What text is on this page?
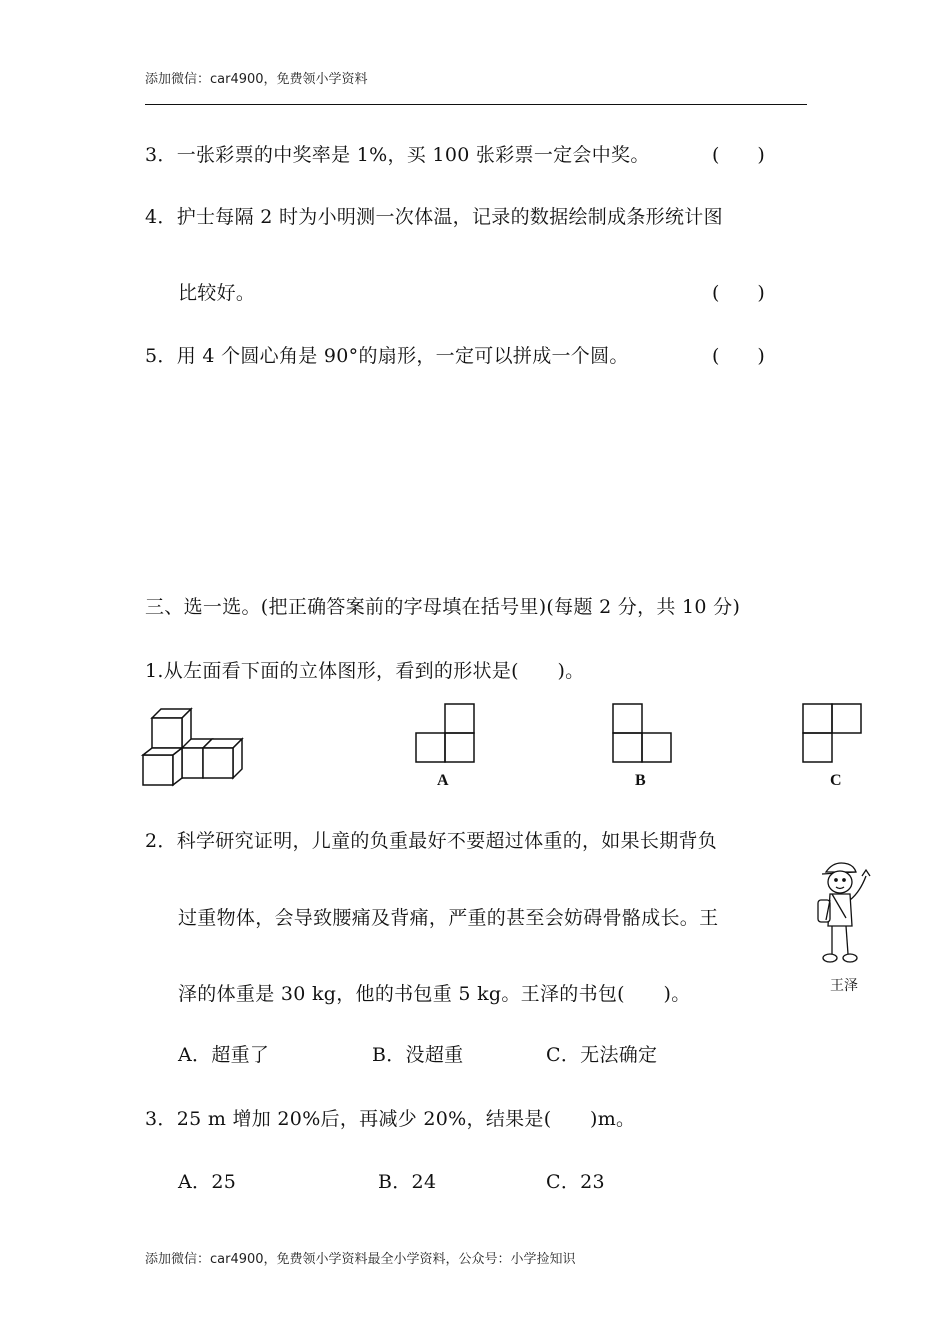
添加微信：car4900，免费领小学资料
3．一张彩票的中奖率是 1%，买 100 张彩票一定会中奖。	(　　)
4．护士每隔 2 时为小明测一次体温，记录的数据绘制成条形统计图
比较好。	(　　)
5．用 4 个圆心角是 90°的扇形，一定可以拼成一个圆。	(　　)
三、选一选。(把正确答案前的字母填在括号里)(每题 2 分，共 10 分)
1.从左面看下面的立体图形，看到的形状是(　　)。
A	B	C
2．科学研究证明，儿童的负重最好不要超过体重的，如果长期背负
过重物体，会导致腰痛及背痛，严重的甚至会妨碍骨骼成长。王
泽的体重是 30 kg，他的书包重 5 kg。王泽的书包(　　)。	王泽
A．超重了	B．没超重	C．无法确定
3．25 m 增加 20%后，再减少 20%，结果是(　　)m。
A．25	B．24	C．23
添加微信：car4900，免费领小学资料最全小学资料，公众号：小学捡知识
